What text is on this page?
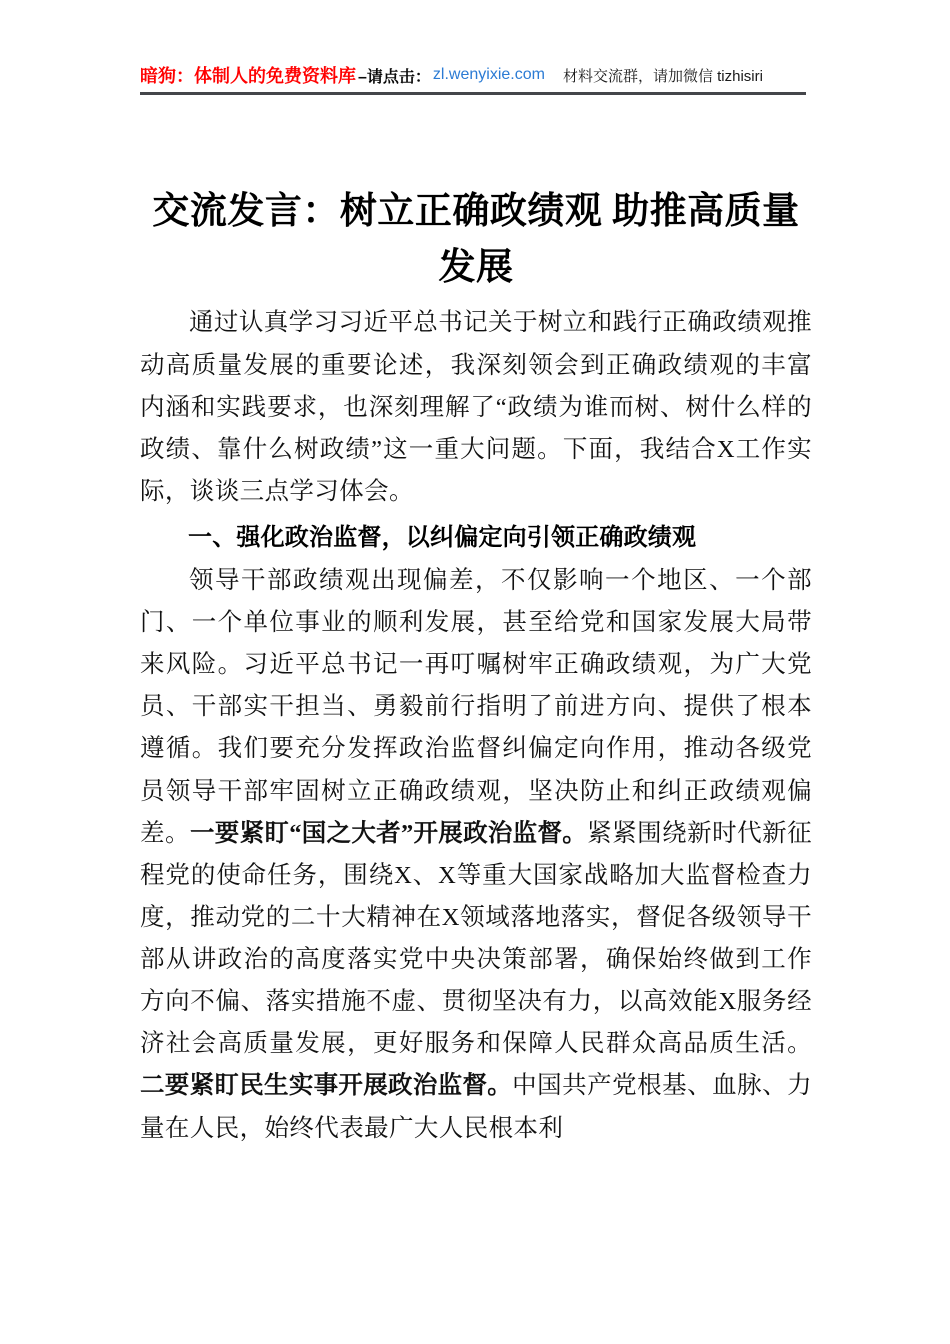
暗狗：体制人的免费资料库 –请点击： zl.wenyixie.com 材料交流群，请加微信 tizhisiri
交流发言：树立正确政绩观 助推高质量发展

通过认真学习习近平总书记关于树立和践行正确政绩观推动高质量发展的重要论述，我深刻领会到正确政绩观的丰富内涵和实践要求，也深刻理解了“政绩为谁而树、树什么样的政绩、靠什么树政绩”这一重大问题。下面，我结合X工作实际，谈谈三点学习体会。

一、强化政治监督，以纠偏定向引领正确政绩观

领导干部政绩观出现偏差，不仅影响一个地区、一个部门、一个单位事业的顺利发展，甚至给党和国家发展大局带来风险。习近平总书记一再叮嘱树牢正确政绩观，为广大党员、干部实干担当、勇毅前行指明了前进方向、提供了根本遵循。我们要充分发挥政治监督纠偏定向作用，推动各级党员领导干部牢固树立正确政绩观，坚决防止和纠正政绩观偏差。一要紧盯“国之大者”开展政治监督。紧紧围绕新时代新征程党的使命任务，围绕X、X等重大国家战略加大监督检查力度，推动党的二十大精神在X领域落地落实，督促各级领导干部从讲政治的高度落实党中央决策部署，确保始终做到工作方向不偏、落实措施不虚、贯彻坚决有力，以高效能X服务经济社会高质量发展，更好服务和保障人民群众高品质生活。 二要紧盯民生实事开展政治监督。中国共产党根基、血脉、力量在人民，始终代表最广大人民根本利
